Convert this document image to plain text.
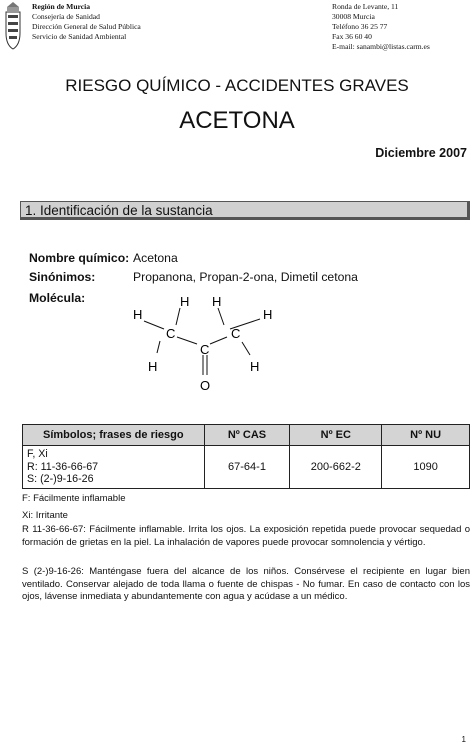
Región de Murcia
Consejería de Sanidad
Dirección General de Salud Pública
Servicio de Sanidad Ambiental
Ronda de Levante, 11
30008 Murcia
Teléfono 36 25 77
Fax 36 60 40
E-mail: sanambi@listas.carm.es
RIESGO QUÍMICO - ACCIDENTES GRAVES
ACETONA
Diciembre 2007
1. Identificación de la sustancia
Nombre químico: Acetona
Sinónimos:	Propanona, Propan-2-ona, Dimetil cetona
Molécula:
H
H H
H
H	H
C	C
C
O
Símbolos; frases de riesgo	Nº CAS	Nº EC	Nº NU

F, Xi
R: 11-36-66-67
S: (2-)9-16-26	67-64-1	200-662-2	1090
F: Fácilmente inflamable
Xi: Irritante
R 11-36-66-67: Fácilmente inflamable. Irrita los ojos. La exposición repetida puede provocar sequedad o formación de grietas en la piel. La inhalación de vapores puede provocar somnolencia y vértigo.
S (2-)9-16-26: Manténgase fuera del alcance de los niños. Consérvese el recipiente en lugar bien ventilado. Conservar alejado de toda llama o fuente de chispas - No fumar. En caso de contacto con los ojos, lávense inmediata y abundantemente con agua y acúdase a un médico.
1
